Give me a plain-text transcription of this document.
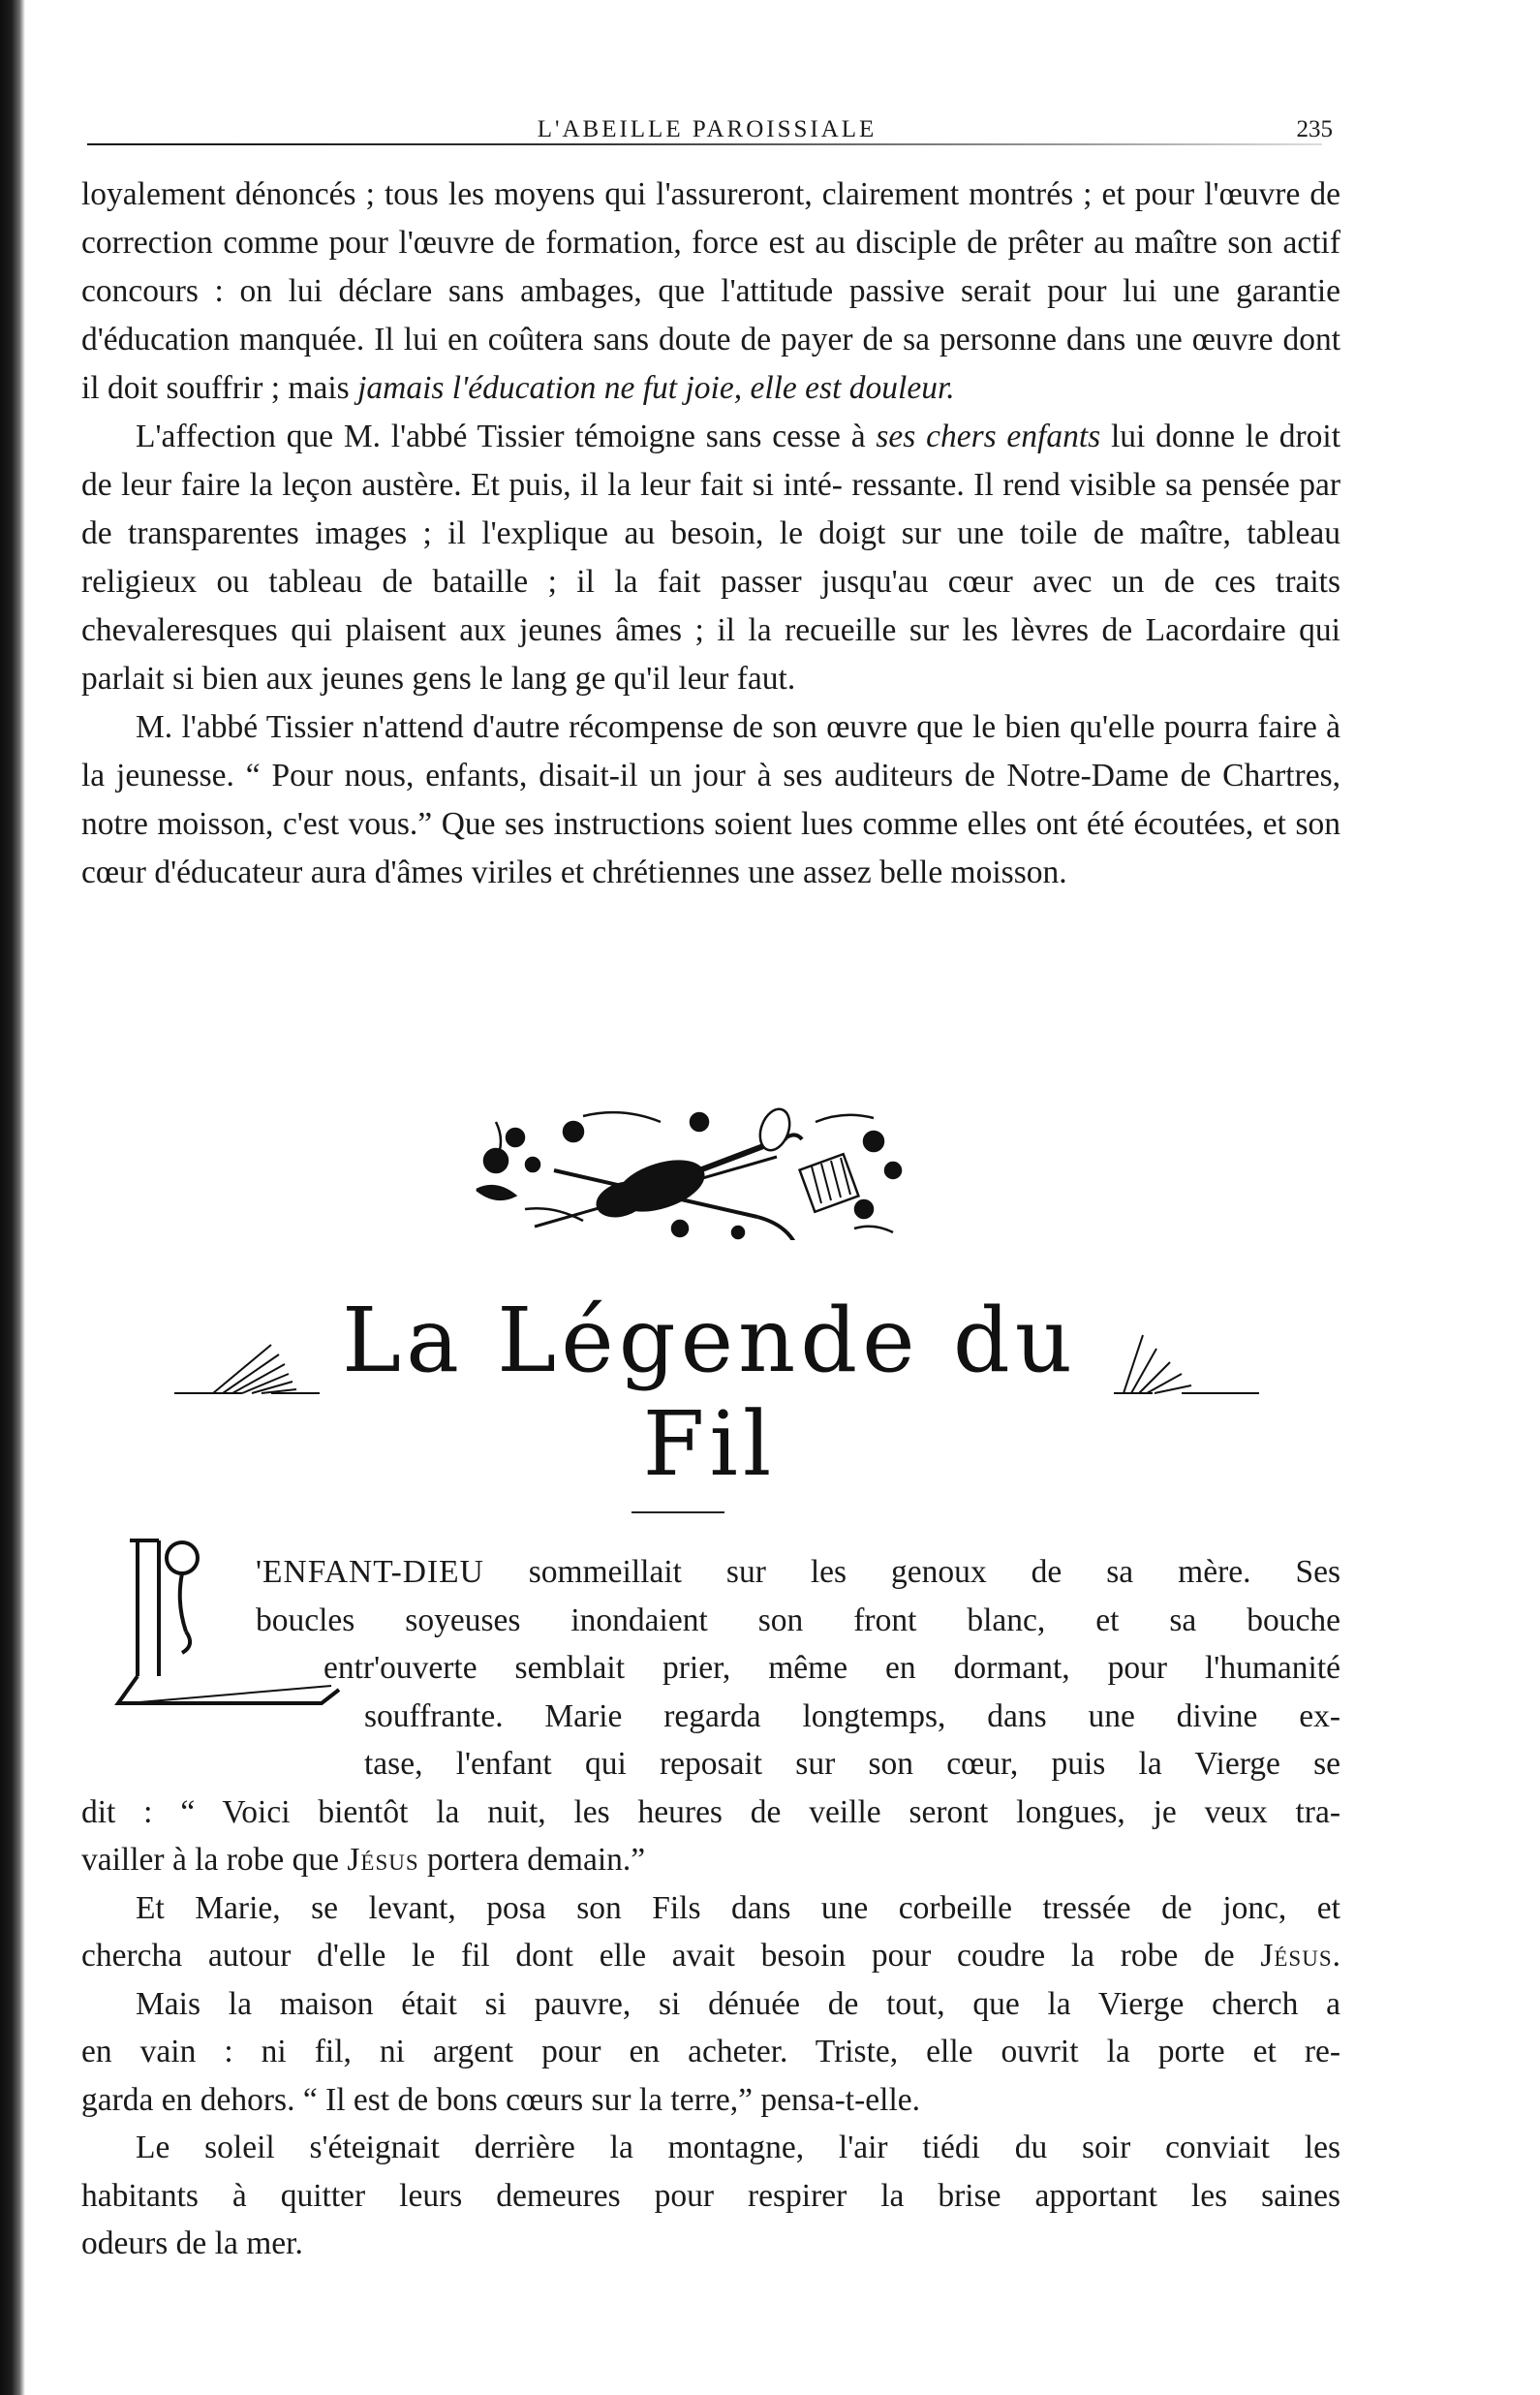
L'ABEILLE PAROISSIALE	235

loyalement dénoncés ; tous les moyens qui l'assureront, clairement montrés ; et pour l'œuvre de correction comme pour l'œuvre de formation, force est au disciple de prêter au maître son actif concours : on lui déclare sans ambages, que l'attitude passive serait pour lui une garantie d'éducation manquée. Il lui en coûtera sans doute de payer de sa personne dans une œuvre dont il doit souffrir ; mais jamais l'éducation ne fut joie, elle est douleur.

L'affection que M. l'abbé Tissier témoigne sans cesse à ses chers enfants lui donne le droit de leur faire la leçon austère. Et puis, il la leur fait si inté- ressante. Il rend visible sa pensée par de transparentes images ; il l'explique au besoin, le doigt sur une toile de maître, tableau religieux ou tableau de bataille ; il la fait passer jusqu'au cœur avec un de ces traits chevaleresques qui plaisent aux jeunes âmes ; il la recueille sur les lèvres de Lacordaire qui parlait si bien aux jeunes gens le lang ge qu'il leur faut.

M. l'abbé Tissier n'attend d'autre récompense de son œuvre que le bien qu'elle pourra faire à la jeunesse. “ Pour nous, enfants, disait-il un jour à ses auditeurs de Notre-Dame de Chartres, notre moisson, c'est vous.” Que ses instructions soient lues comme elles ont été écoutées, et son cœur d'éducateur aura d'âmes viriles et chrétiennes une assez belle moisson.

La Légende du Fil
'ENFANT-DIEU sommeillait sur les genoux de sa mère. Ses
boucles soyeuses inondaient son front blanc, et sa bouche
entr'ouverte semblait prier, même en dormant, pour l'humanité
souffrante. Marie regarda longtemps, dans une divine ex-
tase, l'enfant qui reposait sur son cœur, puis la Vierge se
dit : “ Voici bientôt la nuit, les heures de veille seront longues, je veux tra-
vailler à la robe que Jésus portera demain.”
Et Marie, se levant, posa son Fils dans une corbeille tressée de jonc, et
chercha autour d'elle le fil dont elle avait besoin pour coudre la robe de Jésus.
Mais la maison était si pauvre, si dénuée de tout, que la Vierge cherch a
en vain : ni fil, ni argent pour en acheter. Triste, elle ouvrit la porte et re-
garda en dehors. “ Il est de bons cœurs sur la terre,” pensa-t-elle.
Le soleil s'éteignait derrière la montagne, l'air tiédi du soir conviait les
habitants à quitter leurs demeures pour respirer la brise apportant les saines
odeurs de la mer.
